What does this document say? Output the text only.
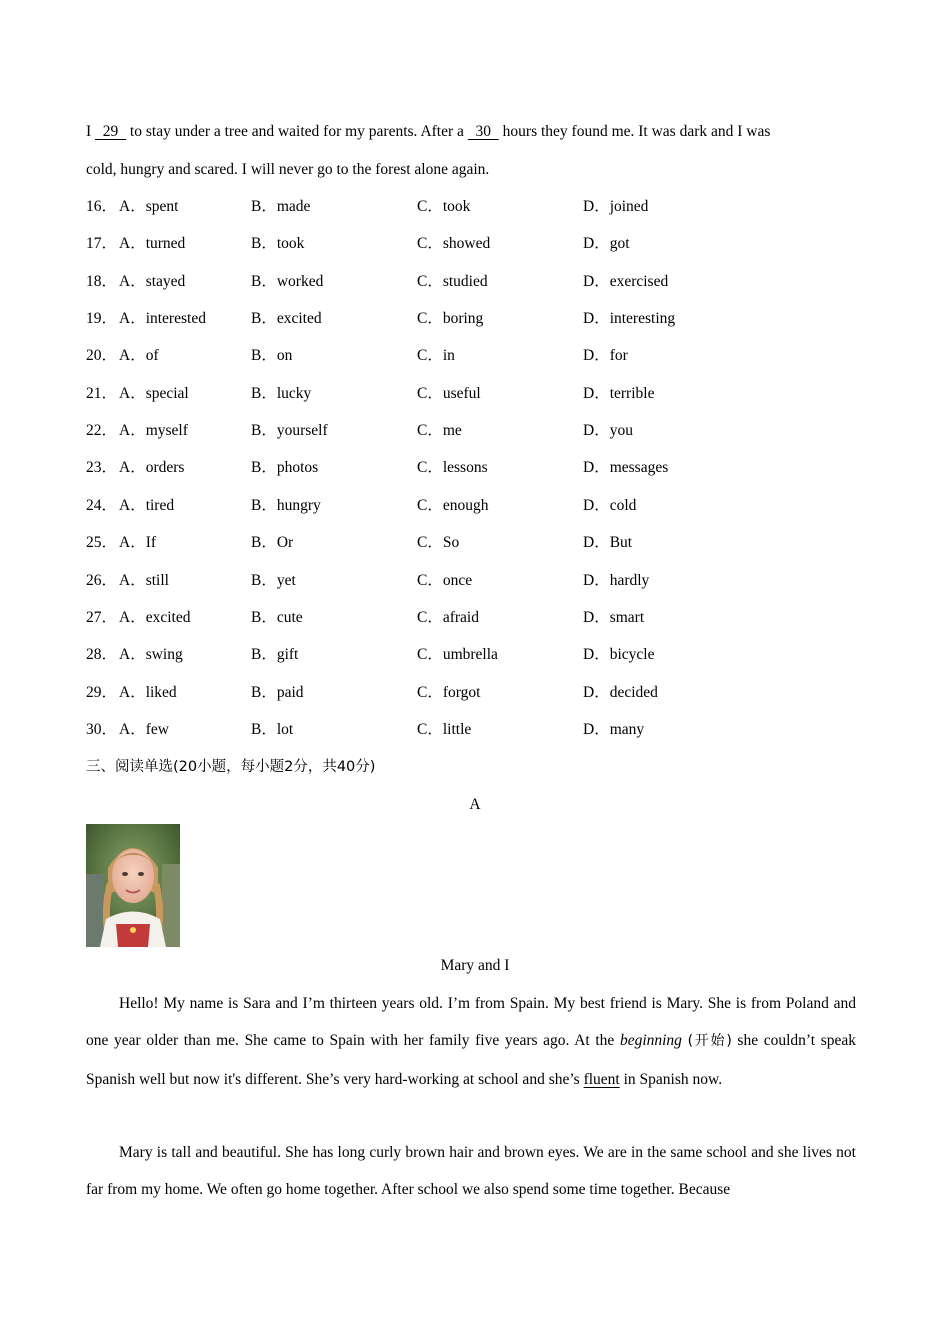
I 29 to stay under a tree and waited for my parents. After a 30 hours they found me. It was dark and I was
cold, hungry and scared. I will never go to the forest alone again.
16． A．spent	B．made	C．took	D．joined
17． A．turned	B．took	C．showed	D．got
18． A．stayed	B．worked	C．studied	D．exercised
19． A．interested	B．excited	C．boring	D．interesting
20． A．of	B．on	C．in	D．for
21． A．special	B．lucky	C．useful	D．terrible
22． A．myself	B．yourself	C．me	D．you
23． A．orders	B．photos	C．lessons	D．messages
24． A．tired	B．hungry	C．enough	D．cold
25． A．If	B．Or	C．So	D．But
26． A．still	B．yet	C．once	D．hardly
27． A．excited	B．cute	C．afraid	D．smart
28． A．swing	B．gift	C．umbrella	D．bicycle
29． A．liked	B．paid	C．forgot	D．decided
30． A．few	B．lot	C．little	D．many
三、阅读单选(20小题，每小题2分，共40分)
A
Mary and I
Hello! My name is Sara and I’m thirteen years old. I’m from Spain. My best friend is Mary. She is from Poland and one year older than me. She came to Spain with her family five years ago. At the beginning (开始) she couldn’t speak Spanish well but now it's different. She’s very hard-working at school and she’s fluent in Spanish now.
Mary is tall and beautiful. She has long curly brown hair and brown eyes. We are in the same school and she lives not far from my home. We often go home together. After school we also spend some time together. Because
